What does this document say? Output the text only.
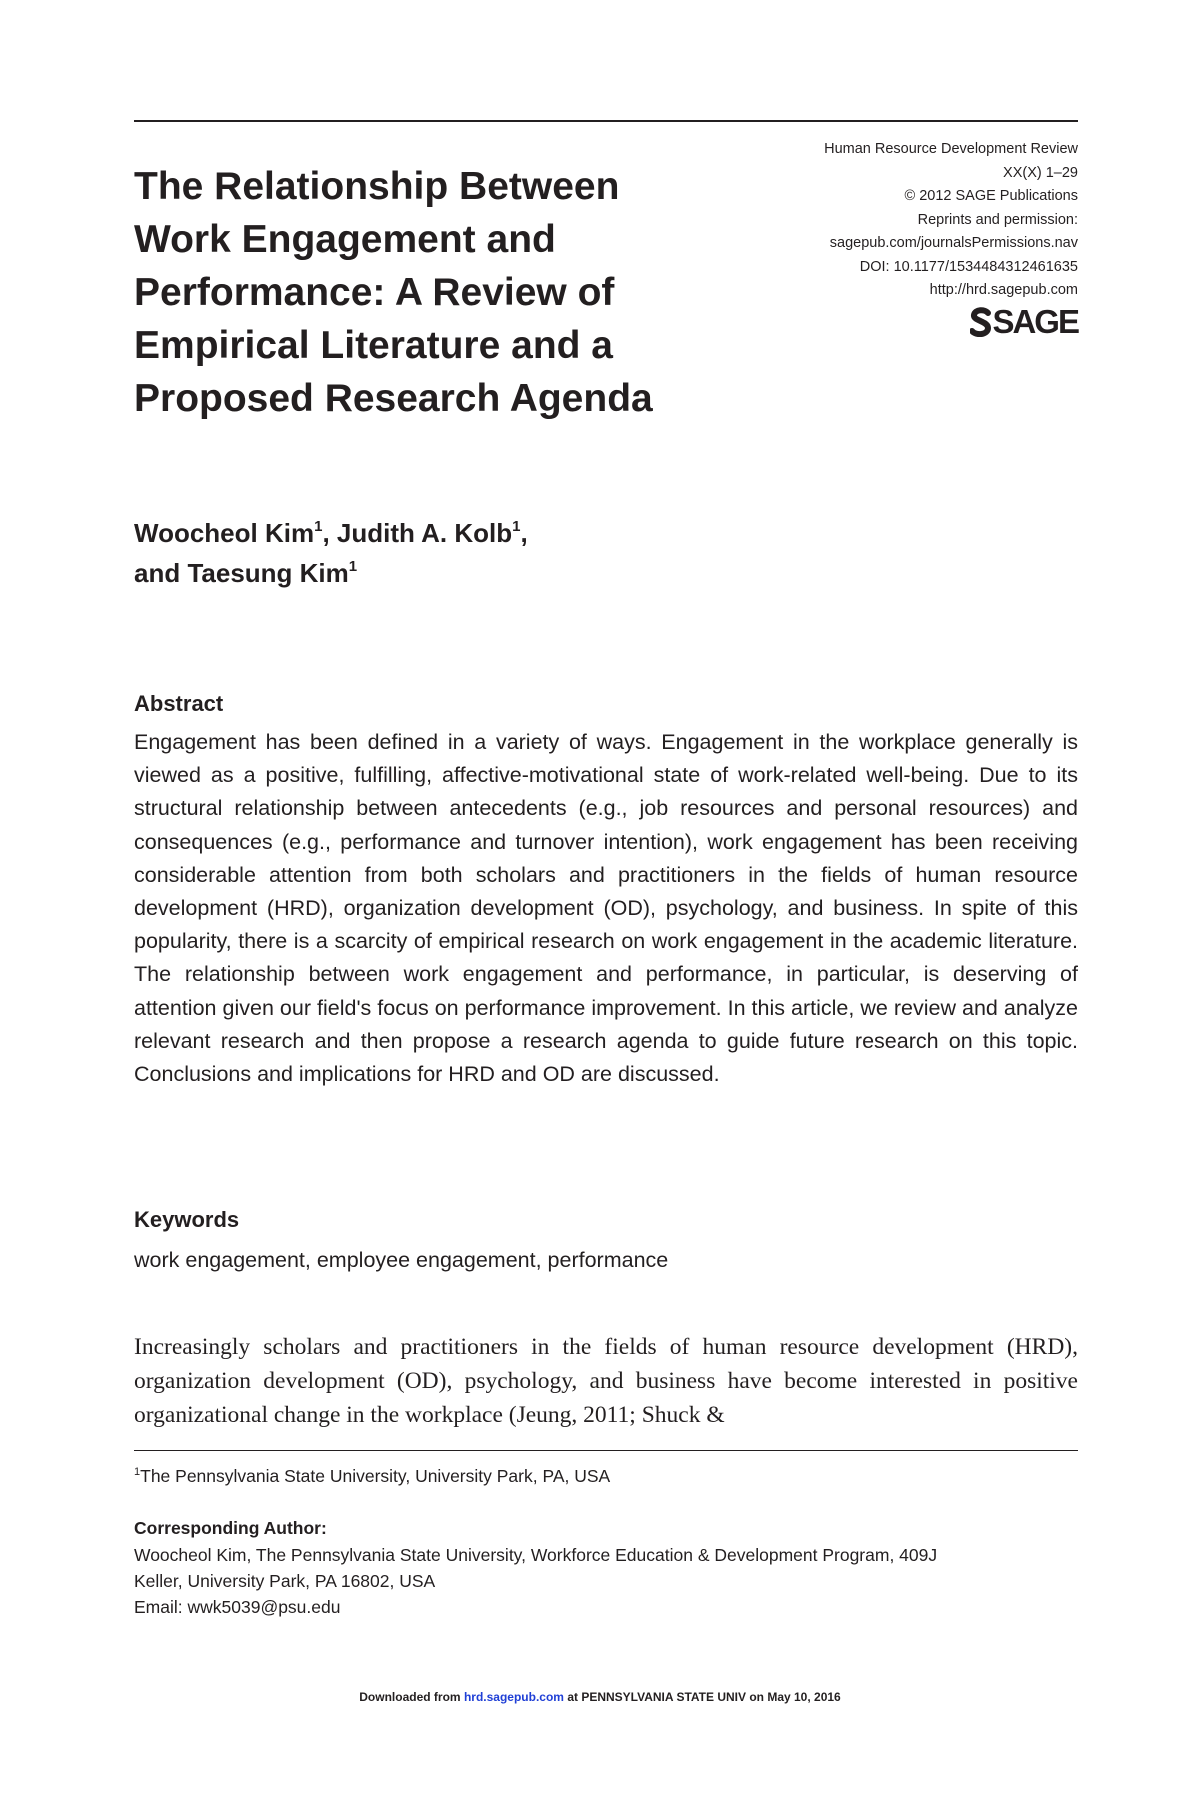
The Relationship Between
Work Engagement and
Performance: A Review of
Empirical Literature and a
Proposed Research Agenda
Human Resource Development Review
XX(X) 1–29
© 2012 SAGE Publications
Reprints and permission:
sagepub.com/journalsPermissions.nav
DOI: 10.1177/1534484312461635
http://hrd.sagepub.com
SAGE
Woocheol Kim$^1$, Judith A. Kolb$^1$,
and Taesung Kim$^1$
Abstract

Engagement has been defined in a variety of ways. Engagement in the workplace generally is viewed as a positive, fulfilling, affective-motivational state of work-related well-being. Due to its structural relationship between antecedents (e.g., job resources and personal resources) and consequences (e.g., performance and turnover intention), work engagement has been receiving considerable attention from both scholars and practitioners in the fields of human resource development (HRD), organization development (OD), psychology, and business. In spite of this popularity, there is a scarcity of empirical research on work engagement in the academic literature. The relationship between work engagement and performance, in particular, is deserving of attention given our field's focus on performance improvement. In this article, we review and analyze relevant research and then propose a research agenda to guide future research on this topic. Conclusions and implications for HRD and OD are discussed.

Keywords

work engagement, employee engagement, performance

Increasingly scholars and practitioners in the fields of human resource development (HRD), organization development (OD), psychology, and business have become interested in positive organizational change in the workplace (Jeung, 2011; Shuck &

$^1$The Pennsylvania State University, University Park, PA, USA

Corresponding Author:
Woocheol Kim, The Pennsylvania State University, Workforce Education & Development Program, 409J
Keller, University Park, PA 16802, USA
Email: wwk5039@psu.edu
Downloaded from hrd.sagepub.com at PENNSYLVANIA STATE UNIV on May 10, 2016
